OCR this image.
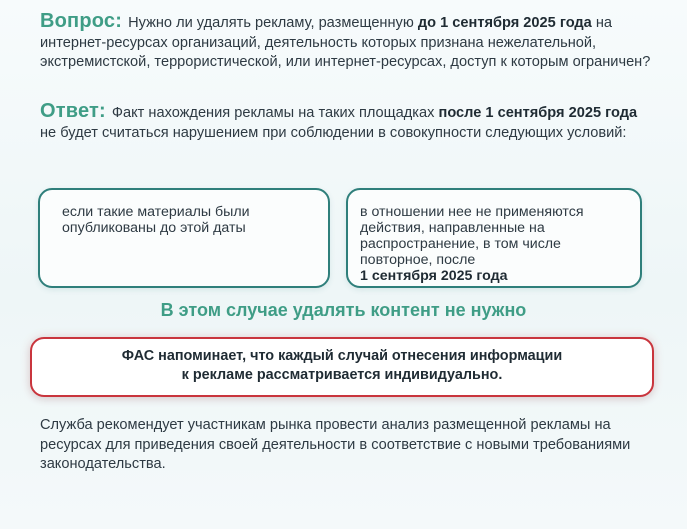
Вопрос: Нужно ли удалять рекламу, размещенную до 1 сентября 2025 года на интернет-ресурсах организаций, деятельность которых признана нежелательной, экстремистской, террористической, или интернет-ресурсах, доступ к которым ограничен?
Ответ: Факт нахождения рекламы на таких площадках после 1 сентября 2025 года не будет считаться нарушением при соблюдении в совокупности следующих условий:
если такие материалы были опубликованы до этой даты
в отношении нее не применяются действия, направленные на распространение, в том числе повторное, после
1 сентября 2025 года
В этом случае удалять контент не нужно
ФАС напоминает, что каждый случай отнесения информации
к рекламе рассматривается индивидуально.
Служба рекомендует участникам рынка провести анализ размещенной рекламы на ресурсах для приведения своей деятельности в соответствие с новыми требованиями законодательства.
